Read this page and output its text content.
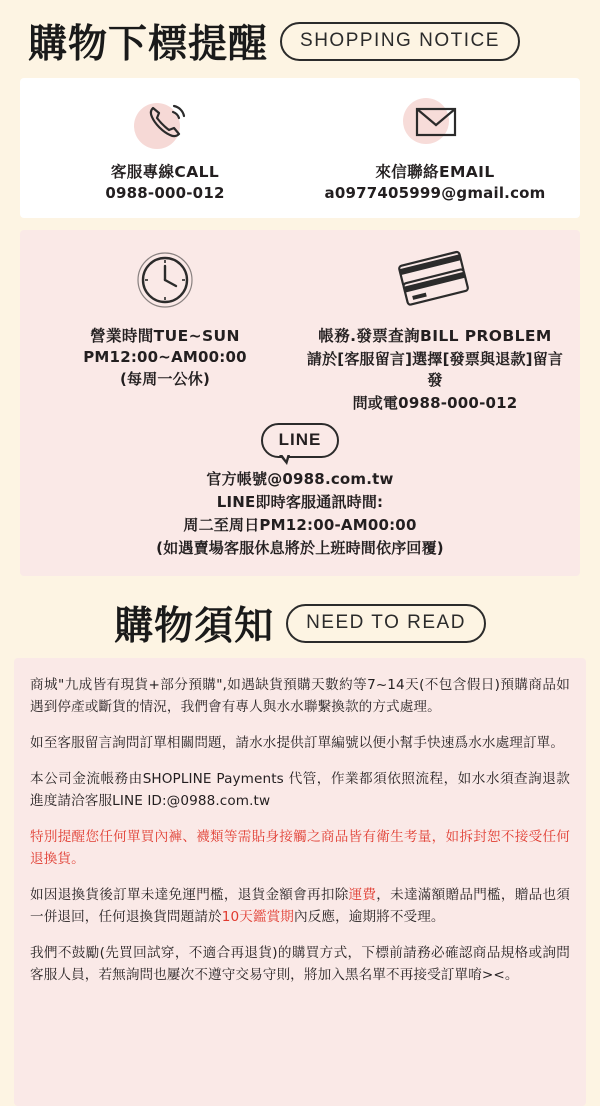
購物下標提醒	SHOPPING NOTICE
客服專線CALL
0988-000-012
來信聯絡EMAIL
a0977405999@gmail.com
營業時間TUE~SUN
PM12:00~AM00:00
(每周一公休)
帳務.發票查詢BILL PROBLEM
請於[客服留言]選擇[發票與退款]留言發
問或電0988-000-012
LINE
官方帳號@0988.com.tw
LINE即時客服通訊時間:
周二至周日PM12:00-AM00:00
(如遇賣場客服休息將於上班時間依序回覆)
購物須知	NEED TO READ
商城"九成皆有現貨+部分預購",如遇缺貨預購天數約等7~14天(不包含假日)預購商品如遇到停產或斷貨的情況，我們會有專人與水水聯繫換款的方式處理。
如至客服留言詢問訂單相關問題，請水水提供訂單編號以便小幫手快速爲水水處理訂單。
本公司金流帳務由SHOPLINE Payments 代管，作業都須依照流程，如水水須查詢退款進度請洽客服LINE ID:@0988.com.tw
特別提醒您任何單買內褲、襪類等需貼身接觸之商品皆有衛生考量，如拆封恕不接受任何退換貨。
如因退換貨後訂單未達免運門檻，退貨金額會再扣除運費，未達滿額贈品門檻，贈品也須一併退回，任何退換貨問題請於10天鑑賞期內反應，逾期將不受理。
我們不鼓勵(先買回試穿，不適合再退貨)的購買方式，下標前請務必確認商品規格或詢問客服人員，若無詢問也屢次不遵守交易守則，將加入黑名單不再接受訂單唷><。
